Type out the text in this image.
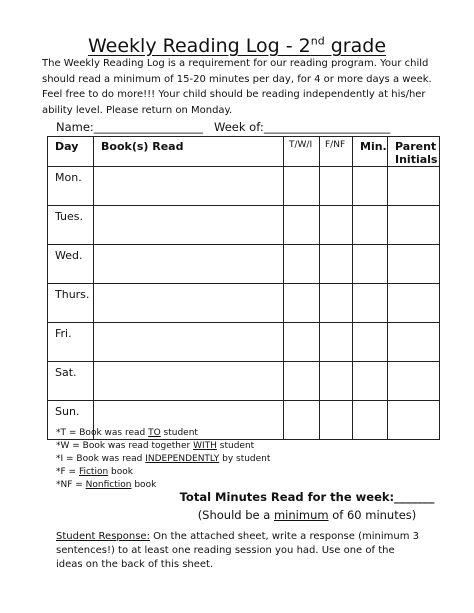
Weekly Reading Log - 2nd grade
The Weekly Reading Log is a requirement for our reading program. Your child should read a minimum of 15-20 minutes per day, for 4 or more days a week. Feel free to do more!!! Your child should be reading independently at his/her ability level. Please return on Monday.
Name:___________________   Week of:______________________
Day	Book(s) Read	T/W/I	F/NF	Min.	Parent Initials
Mon.					
Tues.					
Wed.					
Thurs.					
Fri.					
Sat.					
Sun.					
*T = Book was read TO student
*W = Book was read together WITH student
*I = Book was read INDEPENDENTLY by student
*F = Fiction book
*NF = Nonfiction book
Total Minutes Read for the week:_______
(Should be a minimum of 60 minutes)
Student Response: On the attached sheet, write a response (minimum 3 sentences!) to at least one reading session you had. Use one of the ideas on the back of this sheet.
